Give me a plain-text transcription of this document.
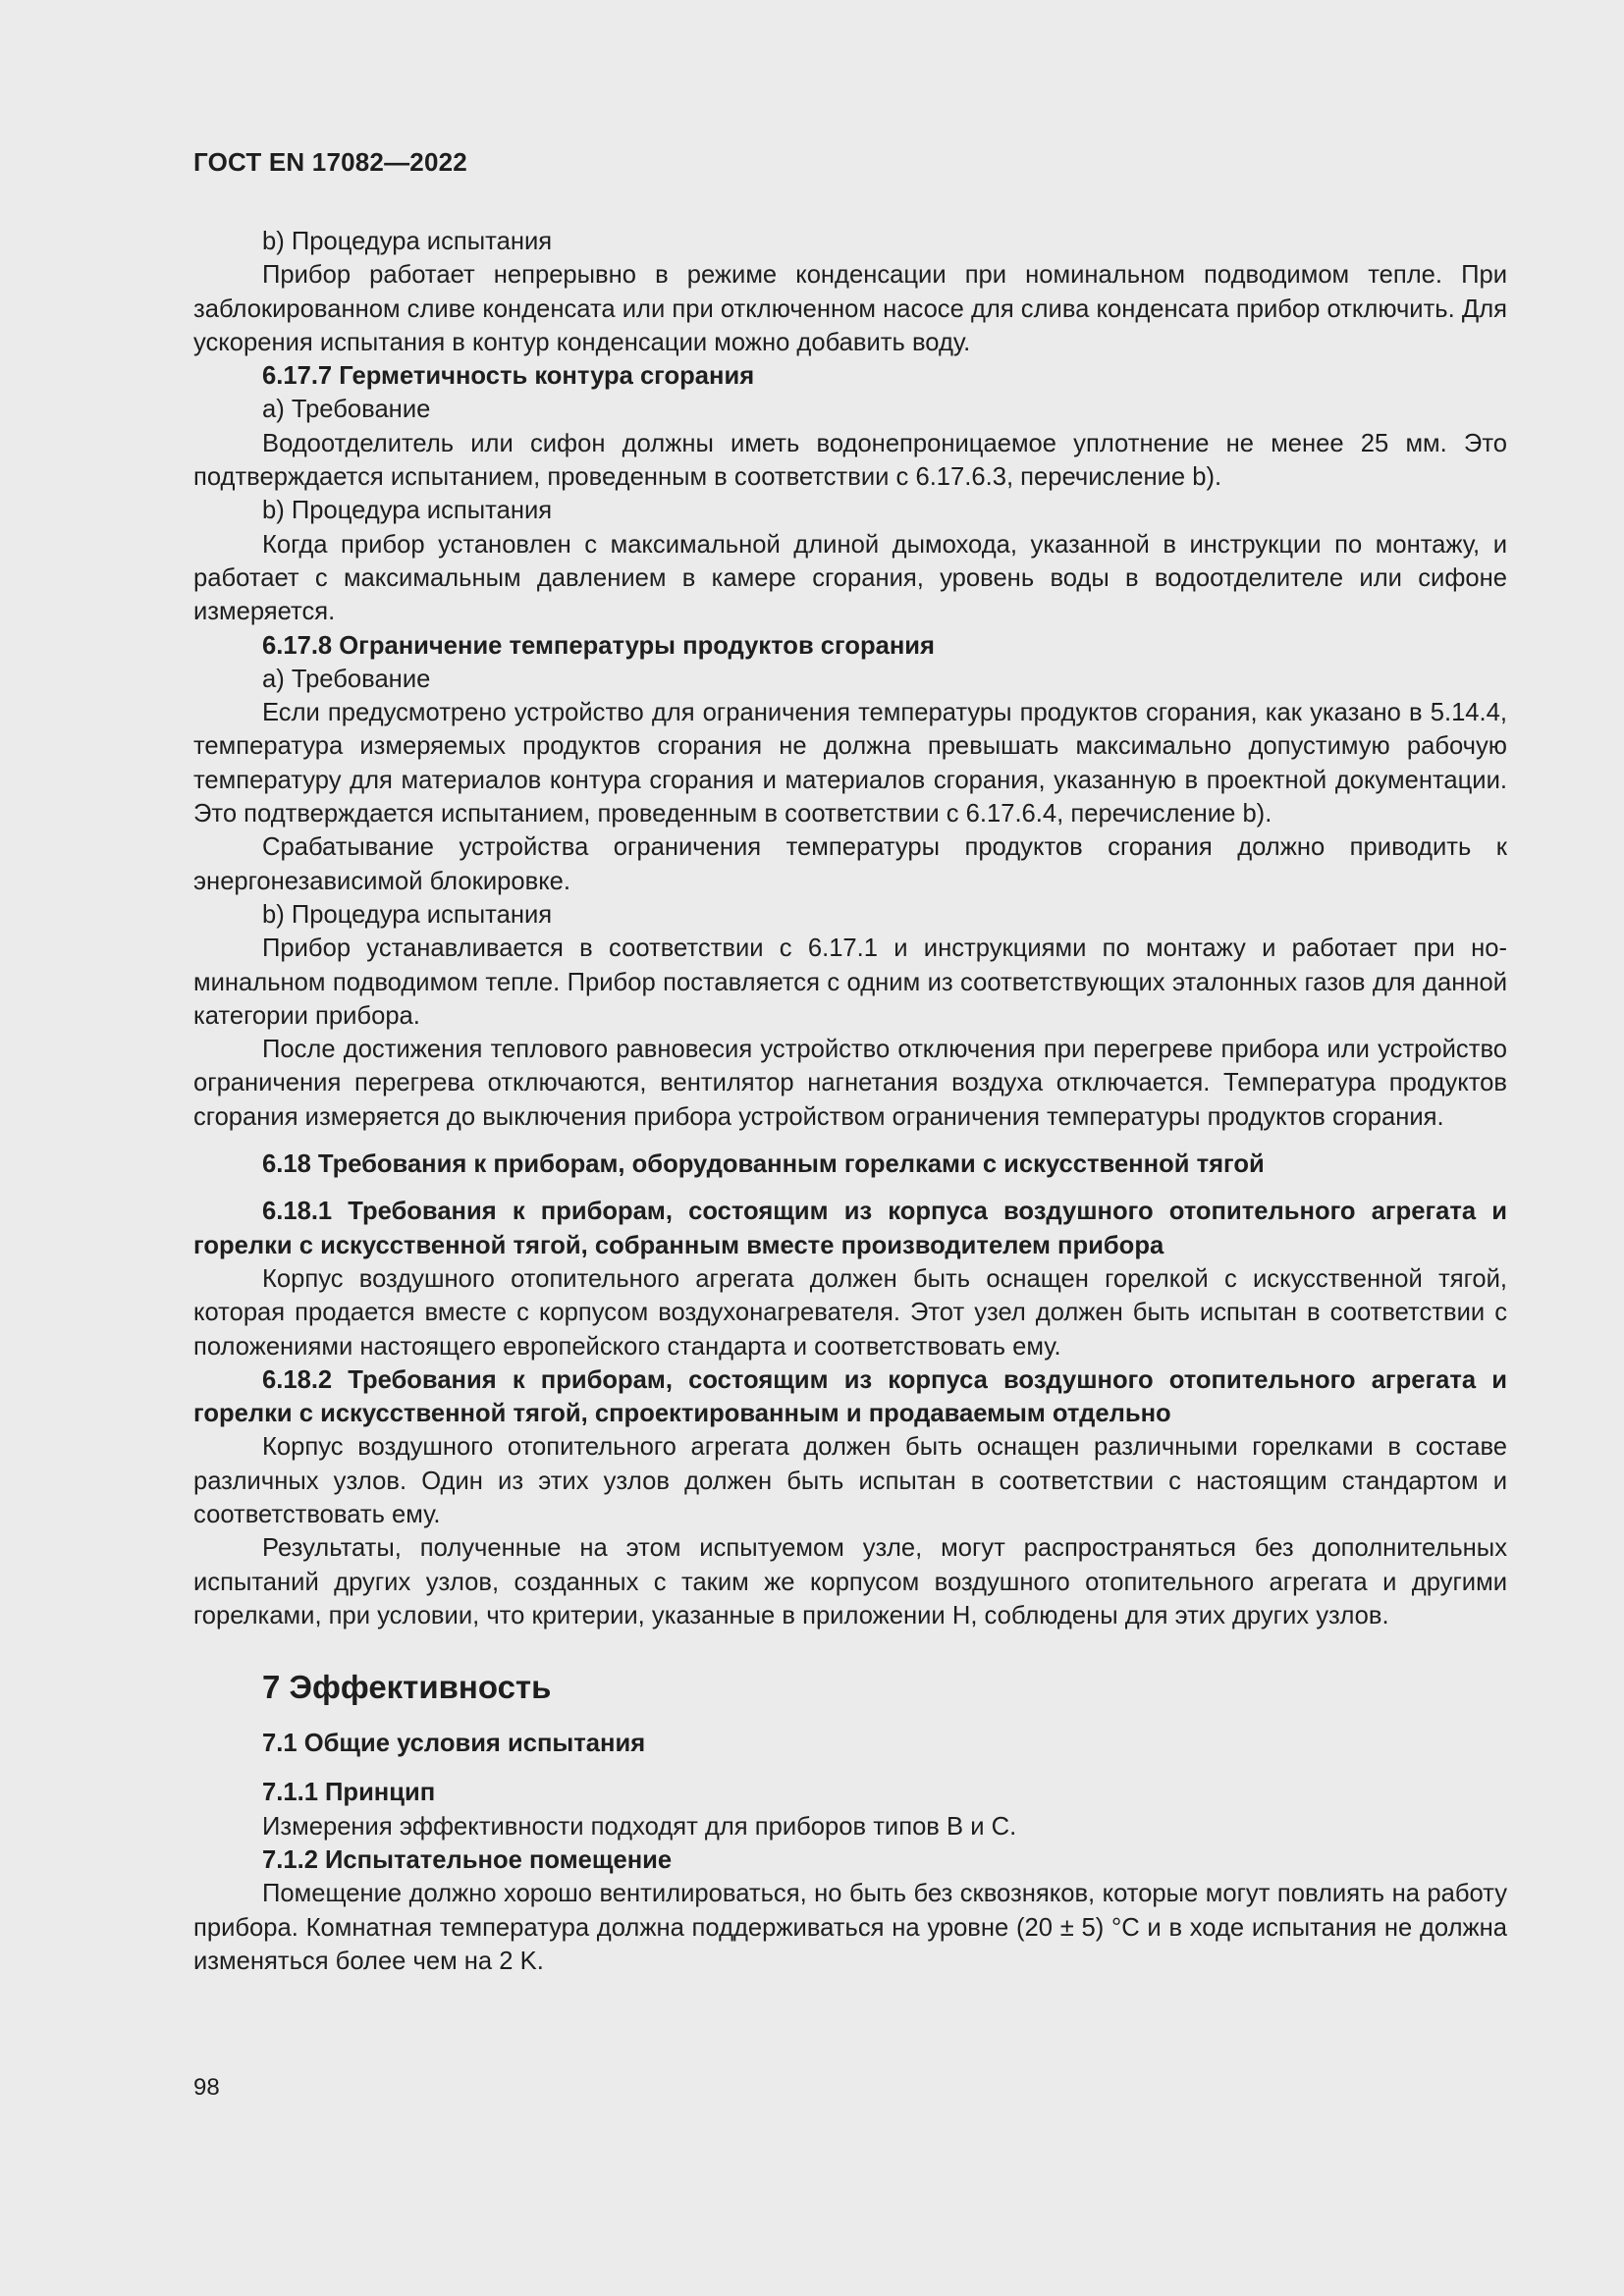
ГОСТ EN 17082—2022

b) Процедура испытания

Прибор работает непрерывно в режиме конденсации при номинальном подводимом тепле. При заблокированном сливе конденсата или при отключенном насосе для слива конденсата прибор отключить. Для ускорения испытания в контур конденсации можно добавить воду.

6.17.7 Герметичность контура сгорания

a) Требование

Водоотделитель или сифон должны иметь водонепроницаемое уплотнение не менее 25 мм. Это подтверждается испытанием, проведенным в соответствии с 6.17.6.3, перечисление b).

b) Процедура испытания

Когда прибор установлен с максимальной длиной дымохода, указанной в инструкции по монтажу, и работает с максимальным давлением в камере сгорания, уровень воды в водоотделителе или сифоне измеряется.

6.17.8 Ограничение температуры продуктов сгорания

a) Требование

Если предусмотрено устройство для ограничения температуры продуктов сгорания, как указано в 5.14.4, температура измеряемых продуктов сгорания не должна превышать максимально допустимую рабочую температуру для материалов контура сгорания и материалов сгорания, указанную в проектной документации. Это подтверждается испытанием, проведенным в соответствии с 6.17.6.4, перечисление b).

Срабатывание устройства ограничения температуры продуктов сгорания должно приводить к энергонезависимой блокировке.

b) Процедура испытания

Прибор устанавливается в соответствии с 6.17.1 и инструкциями по монтажу и работает при номинальном подводимом тепле. Прибор поставляется с одним из соответствующих эталонных газов для данной категории прибора.

После достижения теплового равновесия устройство отключения при перегреве прибора или устройство ограничения перегрева отключаются, вентилятор нагнетания воздуха отключается. Температура продуктов сгорания измеряется до выключения прибора устройством ограничения температуры продуктов сгорания.

6.18 Требования к приборам, оборудованным горелками с искусственной тягой

6.18.1 Требования к приборам, состоящим из корпуса воздушного отопительного агрегата и горелки с искусственной тягой, собранным вместе производителем прибора

Корпус воздушного отопительного агрегата должен быть оснащен горелкой с искусственной тягой, которая продается вместе с корпусом воздухонагревателя. Этот узел должен быть испытан в соответствии с положениями настоящего европейского стандарта и соответствовать ему.

6.18.2 Требования к приборам, состоящим из корпуса воздушного отопительного агрегата и горелки с искусственной тягой, спроектированным и продаваемым отдельно

Корпус воздушного отопительного агрегата должен быть оснащен различными горелками в составе различных узлов. Один из этих узлов должен быть испытан в соответствии с настоящим стандартом и соответствовать ему.

Результаты, полученные на этом испытуемом узле, могут распространяться без дополнительных испытаний других узлов, созданных с таким же корпусом воздушного отопительного агрегата и другими горелками, при условии, что критерии, указанные в приложении Н, соблюдены для этих других узлов.

7 Эффективность

7.1 Общие условия испытания

7.1.1 Принцип

Измерения эффективности подходят для приборов типов В и С.

7.1.2 Испытательное помещение

Помещение должно хорошо вентилироваться, но быть без сквозняков, которые могут повлиять на работу прибора. Комнатная температура должна поддерживаться на уровне (20 ± 5) °C и в ходе испытания не должна изменяться более чем на 2 K.

98
